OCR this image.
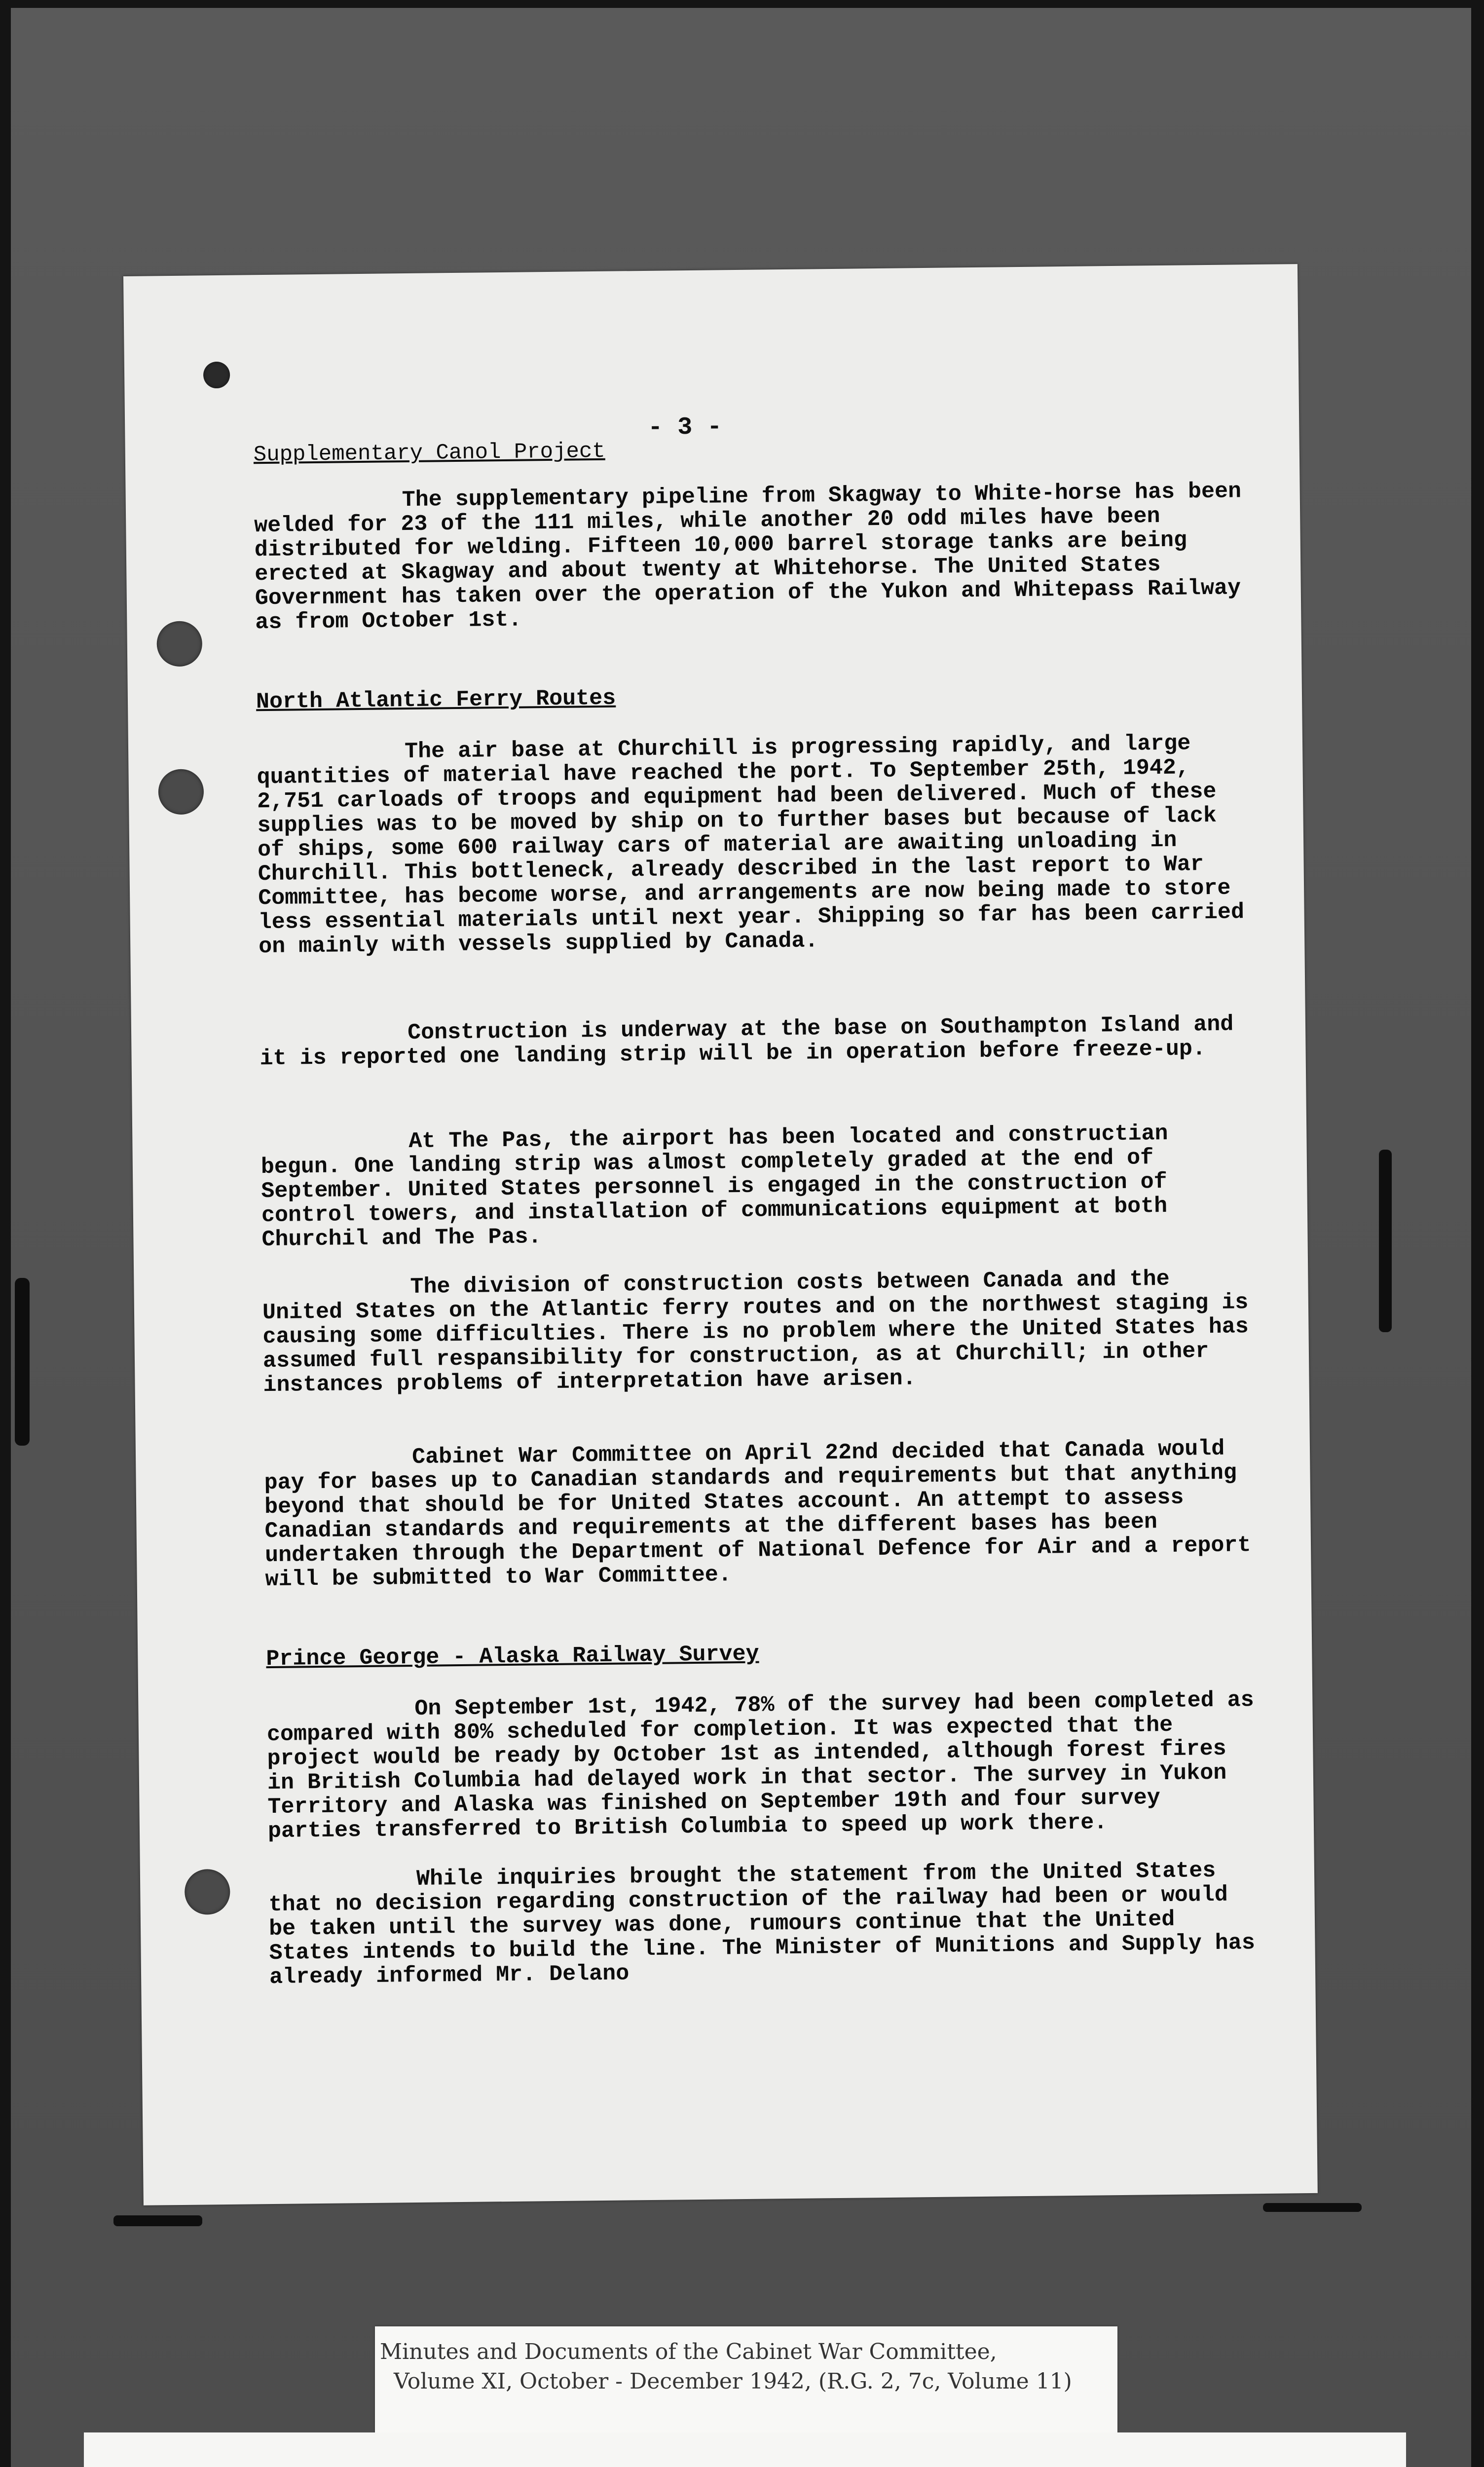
- 3 -
Supplementary Canol Project

The supplementary pipeline from Skagway to White-horse has been welded for 23 of the 111 miles, while another 20 odd miles have been distributed for welding. Fifteen 10,000 barrel storage tanks are being erected at Skagway and about twenty at Whitehorse. The United States Government has taken over the operation of the Yukon and Whitepass Railway as from October 1st.

North Atlantic Ferry Routes

The air base at Churchill is progressing rapidly, and large quantities of material have reached the port. To September 25th, 1942, 2,751 carloads of troops and equipment had been delivered. Much of these supplies was to be moved by ship on to further bases but because of lack of ships, some 600 railway cars of material are awaiting unloading in Churchill. This bottleneck, already described in the last report to War Committee, has become worse, and arrangements are now being made to store less essential materials until next year. Shipping so far has been carried on mainly with vessels supplied by Canada.

Construction is underway at the base on Southampton Island and it is reported one landing strip will be in operation before freeze-up.

At The Pas, the airport has been located and constructian begun. One landing strip was almost completely graded at the end of September. United States personnel is engaged in the construction of control towers, and installation of communications equipment at both Churchil and The Pas.

The division of construction costs between Canada and the United States on the Atlantic ferry routes and on the northwest staging is causing some difficulties. There is no problem where the United States has assumed full respansibility for construction, as at Churchill; in other instances problems of interpretation have arisen.

Cabinet War Committee on April 22nd decided that Canada would pay for bases up to Canadian standards and requirements but that anything beyond that should be for United States account. An attempt to assess Canadian standards and requirements at the different bases has been undertaken through the Department of National Defence for Air and a report will be submitted to War Committee.

Prince George - Alaska Railway Survey

On September 1st, 1942, 78% of the survey had been completed as compared with 80% scheduled for completion. It was expected that the project would be ready by October 1st as intended, although forest fires in British Columbia had delayed work in that sector. The survey in Yukon Territory and Alaska was finished on September 19th and four survey parties transferred to British Columbia to speed up work there.

While inquiries brought the statement from the United States that no decision regarding construction of the railway had been or would be taken until the survey was done, rumours continue that the United States intends to build the line. The Minister of Munitions and Supply has already informed Mr. Delano

Minutes and Documents of the Cabinet War Committee,
Volume XI, October - December 1942, (R.G. 2, 7c, Volume 11)
